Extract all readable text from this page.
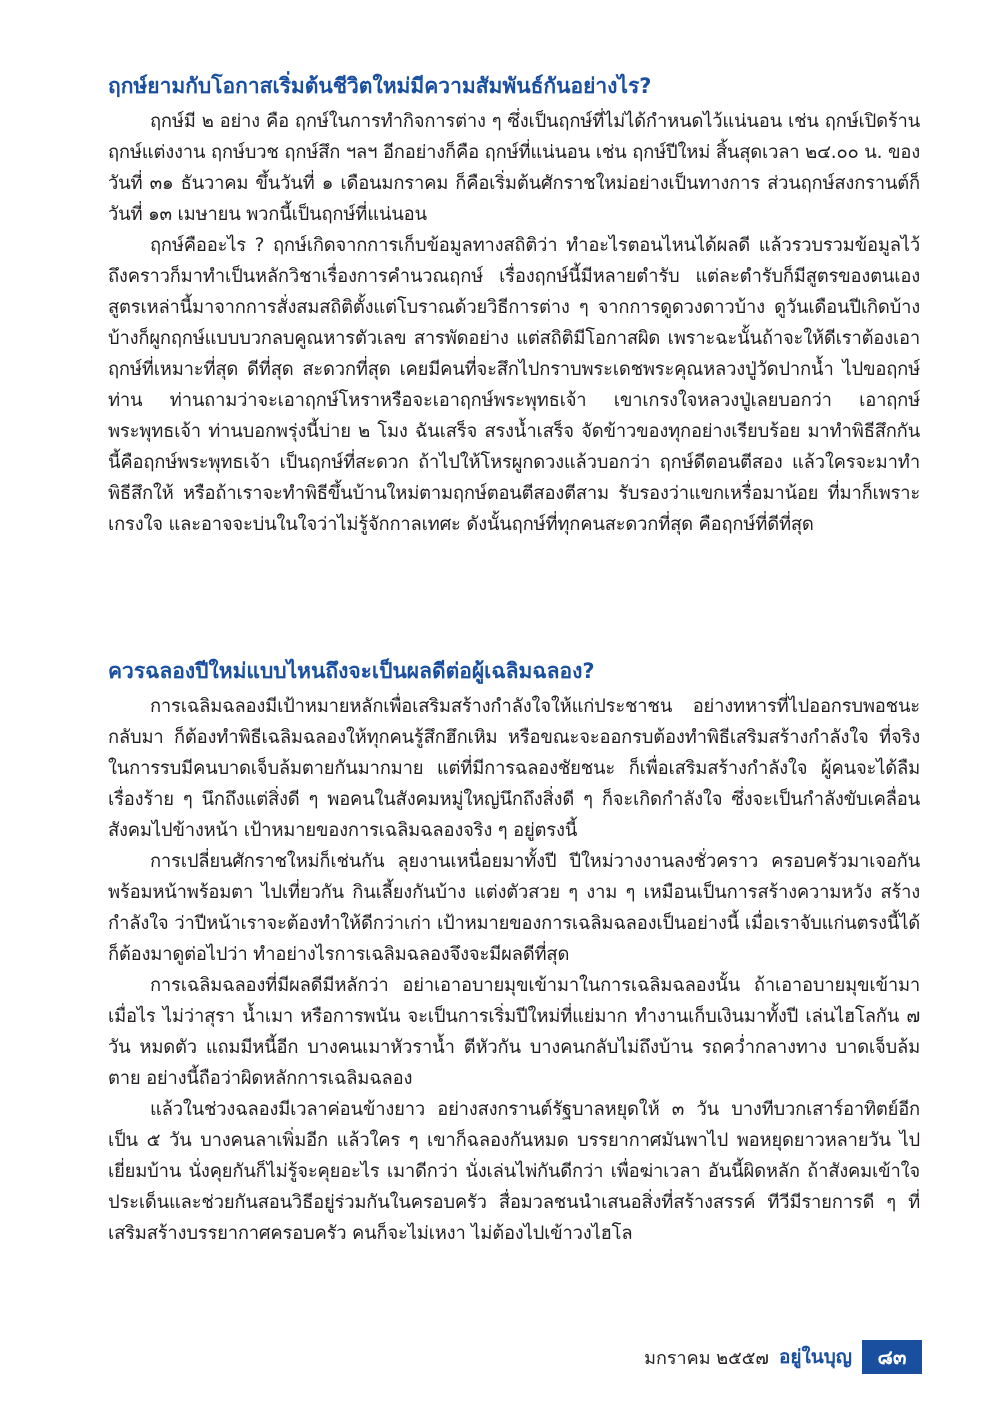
ฤกษ์ยามกับโอกาสเริ่มต้นชีวิตใหม่มีความสัมพันธ์กันอย่างไร?

ฤกษ์มี ๒ อย่าง คือ ฤกษ์ในการทำกิจการต่าง ๆ ซึ่งเป็นฤกษ์ที่ไม่ได้กำหนดไว้แน่นอน เช่น ฤกษ์เปิดร้าน ฤกษ์แต่งงาน ฤกษ์บวช ฤกษ์สึก ฯลฯ อีกอย่างก็คือ ฤกษ์ที่แน่นอน เช่น ฤกษ์ปีใหม่ สิ้นสุดเวลา ๒๔.๐๐ น. ของวันที่ ๓๑ ธันวาคม ขึ้นวันที่ ๑ เดือนมกราคม ก็คือเริ่มต้นศักราชใหม่อย่างเป็นทางการ ส่วนฤกษ์สงกรานต์ก็วันที่ ๑๓ เมษายน พวกนี้เป็นฤกษ์ที่แน่นอน

ฤกษ์คืออะไร ? ฤกษ์เกิดจากการเก็บข้อมูลทางสถิติว่า ทำอะไรตอนไหนได้ผลดี แล้วรวบรวมข้อมูลไว้ ถึงคราวก็มาทำเป็นหลักวิชาเรื่องการคำนวณฤกษ์ เรื่องฤกษ์นี้มีหลายตำรับ แต่ละตำรับก็มีสูตรของตนเอง สูตรเหล่านี้มาจากการสั่งสมสถิติตั้งแต่โบราณด้วยวิธีการต่าง ๆ จากการดูดวงดาวบ้าง ดูวันเดือนปีเกิดบ้าง บ้างก็ผูกฤกษ์แบบบวกลบคูณหารตัวเลข สารพัดอย่าง แต่สถิติมีโอกาสผิด เพราะฉะนั้นถ้าจะให้ดีเราต้องเอาฤกษ์ที่เหมาะที่สุด ดีที่สุด สะดวกที่สุด เคยมีคนที่จะสึกไปกราบพระเดชพระคุณหลวงปู่วัดปากน้ำ ไปขอฤกษ์ท่าน ท่านถามว่าจะเอาฤกษ์โหราหรือจะเอาฤกษ์พระพุทธเจ้า เขาเกรงใจหลวงปู่เลยบอกว่า เอาฤกษ์พระพุทธเจ้า ท่านบอกพรุ่งนี้บ่าย ๒ โมง ฉันเสร็จ สรงน้ำเสร็จ จัดข้าวของทุกอย่างเรียบร้อย มาทำพิธีสึกกัน นี้คือฤกษ์พระพุทธเจ้า เป็นฤกษ์ที่สะดวก ถ้าไปให้โหรผูกดวงแล้วบอกว่า ฤกษ์ดีตอนตีสอง แล้วใครจะมาทำพิธีสึกให้ หรือถ้าเราจะทำพิธีขึ้นบ้านใหม่ตามฤกษ์ตอนตีสองตีสาม รับรองว่าแขกเหรื่อมาน้อย ที่มาก็เพราะเกรงใจ และอาจจะบ่นในใจว่าไม่รู้จักกาลเทศะ ดังนั้นฤกษ์ที่ทุกคนสะดวกที่สุด คือฤกษ์ที่ดีที่สุด

ควรฉลองปีใหม่แบบไหนถึงจะเป็นผลดีต่อผู้เฉลิมฉลอง?

การเฉลิมฉลองมีเป้าหมายหลักเพื่อเสริมสร้างกำลังใจให้แก่ประชาชน อย่างทหารที่ไปออกรบพอชนะกลับมา ก็ต้องทำพิธีเฉลิมฉลองให้ทุกคนรู้สึกฮึกเหิม หรือขณะจะออกรบต้องทำพิธีเสริมสร้างกำลังใจ ที่จริงในการรบมีคนบาดเจ็บล้มตายกันมากมาย แต่ที่มีการฉลองชัยชนะ ก็เพื่อเสริมสร้างกำลังใจ ผู้คนจะได้ลืมเรื่องร้าย ๆ นึกถึงแต่สิ่งดี ๆ พอคนในสังคมหมู่ใหญ่นึกถึงสิ่งดี ๆ ก็จะเกิดกำลังใจ ซึ่งจะเป็นกำลังขับเคลื่อนสังคมไปข้างหน้า เป้าหมายของการเฉลิมฉลองจริง ๆ อยู่ตรงนี้

การเปลี่ยนศักราชใหม่ก็เช่นกัน ลุยงานเหนื่อยมาทั้งปี ปีใหม่วางงานลงชั่วคราว ครอบครัวมาเจอกันพร้อมหน้าพร้อมตา ไปเที่ยวกัน กินเลี้ยงกันบ้าง แต่งตัวสวย ๆ งาม ๆ เหมือนเป็นการสร้างความหวัง สร้างกำลังใจ ว่าปีหน้าเราจะต้องทำให้ดีกว่าเก่า เป้าหมายของการเฉลิมฉลองเป็นอย่างนี้ เมื่อเราจับแก่นตรงนี้ได้ ก็ต้องมาดูต่อไปว่า ทำอย่างไรการเฉลิมฉลองจึงจะมีผลดีที่สุด

การเฉลิมฉลองที่มีผลดีมีหลักว่า อย่าเอาอบายมุขเข้ามาในการเฉลิมฉลองนั้น ถ้าเอาอบายมุขเข้ามาเมื่อไร ไม่ว่าสุรา น้ำเมา หรือการพนัน จะเป็นการเริ่มปีใหม่ที่แย่มาก ทำงานเก็บเงินมาทั้งปี เล่นไฮโลกัน ๗ วัน หมดตัว แถมมีหนี้อีก บางคนเมาหัวราน้ำ ตีหัวกัน บางคนกลับไม่ถึงบ้าน รถคว่ำกลางทาง บาดเจ็บล้มตาย อย่างนี้ถือว่าผิดหลักการเฉลิมฉลอง

แล้วในช่วงฉลองมีเวลาค่อนข้างยาว อย่างสงกรานต์รัฐบาลหยุดให้ ๓ วัน บางทีบวกเสาร์อาทิตย์อีกเป็น ๕ วัน บางคนลาเพิ่มอีก แล้วใคร ๆ เขาก็ฉลองกันหมด บรรยากาศมันพาไป พอหยุดยาวหลายวัน ไปเยี่ยมบ้าน นั่งคุยกันก็ไม่รู้จะคุยอะไร เมาดีกว่า นั่งเล่นไพ่กันดีกว่า เพื่อฆ่าเวลา อันนี้ผิดหลัก ถ้าสังคมเข้าใจประเด็นและช่วยกันสอนวิธีอยู่ร่วมกันในครอบครัว สื่อมวลชนนำเสนอสิ่งที่สร้างสรรค์ ทีวีมีรายการดี ๆ ที่เสริมสร้างบรรยากาศครอบครัว คนก็จะไม่เหงา ไม่ต้องไปเข้าวงไฮโล

มกราคม ๒๕๕๗ อยู่ในบุญ	๘๓
